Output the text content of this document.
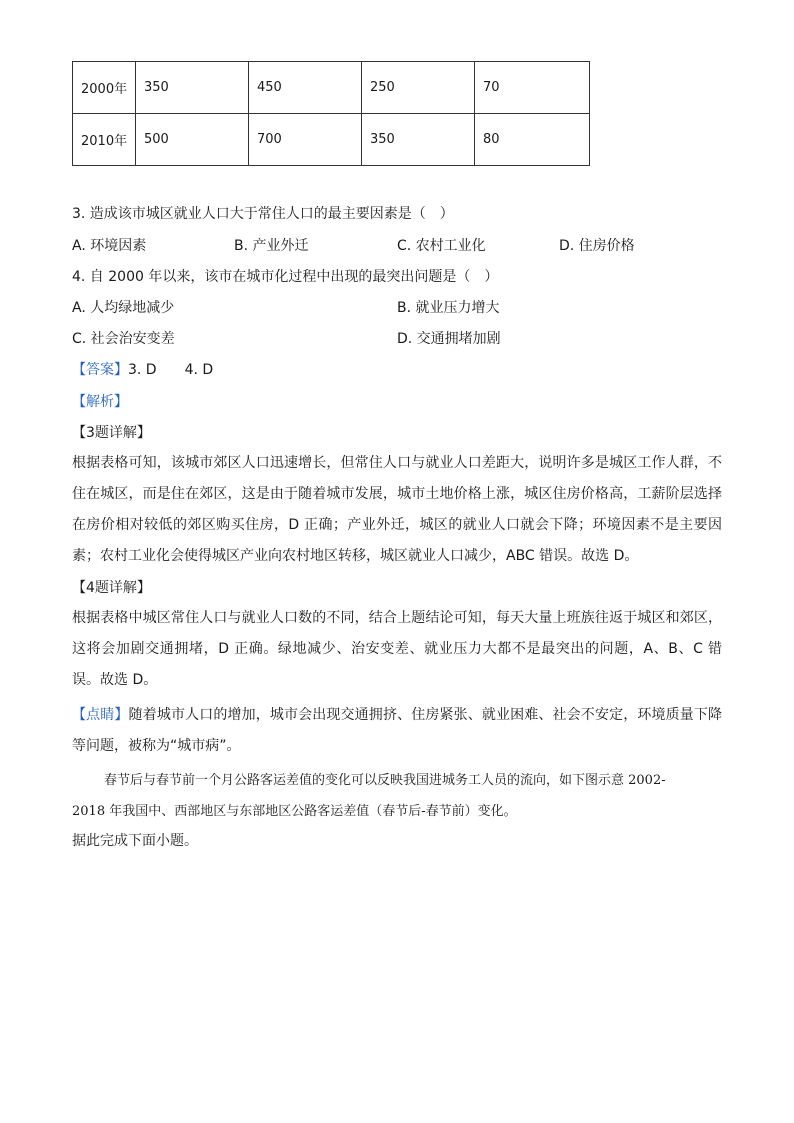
2000年	350	450	250	70
2010年	500	700	350	80
3. 造成该市城区就业人口大于常住人口的最主要因素是（　）
A. 环境因素	B. 产业外迁	C. 农村工业化	D. 住房价格
4. 自 2000 年以来，该市在城市化过程中出现的最突出问题是（　）
A. 人均绿地减少	B. 就业压力增大
C. 社会治安变差	D. 交通拥堵加剧
【答案】3. D　　4. D
【解析】
【3题详解】
根据表格可知，该城市郊区人口迅速增长，但常住人口与就业人口差距大，说明许多是城区工作人群，不住在城区，而是住在郊区，这是由于随着城市发展，城市土地价格上涨，城区住房价格高，工薪阶层选择在房价相对较低的郊区购买住房，D 正确；产业外迁，城区的就业人口就会下降；环境因素不是主要因素；农村工业化会使得城区产业向农村地区转移，城区就业人口减少，ABC 错误。故选 D。
【4题详解】
根据表格中城区常住人口与就业人口数的不同，结合上题结论可知，每天大量上班族往返于城区和郊区，这将会加剧交通拥堵，D 正确。绿地减少、治安变差、就业压力大都不是最突出的问题，A、B、C 错误。故选 D。
【点睛】随着城市人口的增加，城市会出现交通拥挤、住房紧张、就业困难、社会不安定，环境质量下降等问题，被称为“城市病”。
春节后与春节前一个月公路客运差值的变化可以反映我国进城务工人员的流向，如下图示意 2002-
2018 年我国中、西部地区与东部地区公路客运差值（春节后-春节前）变化。
据此完成下面小题。
